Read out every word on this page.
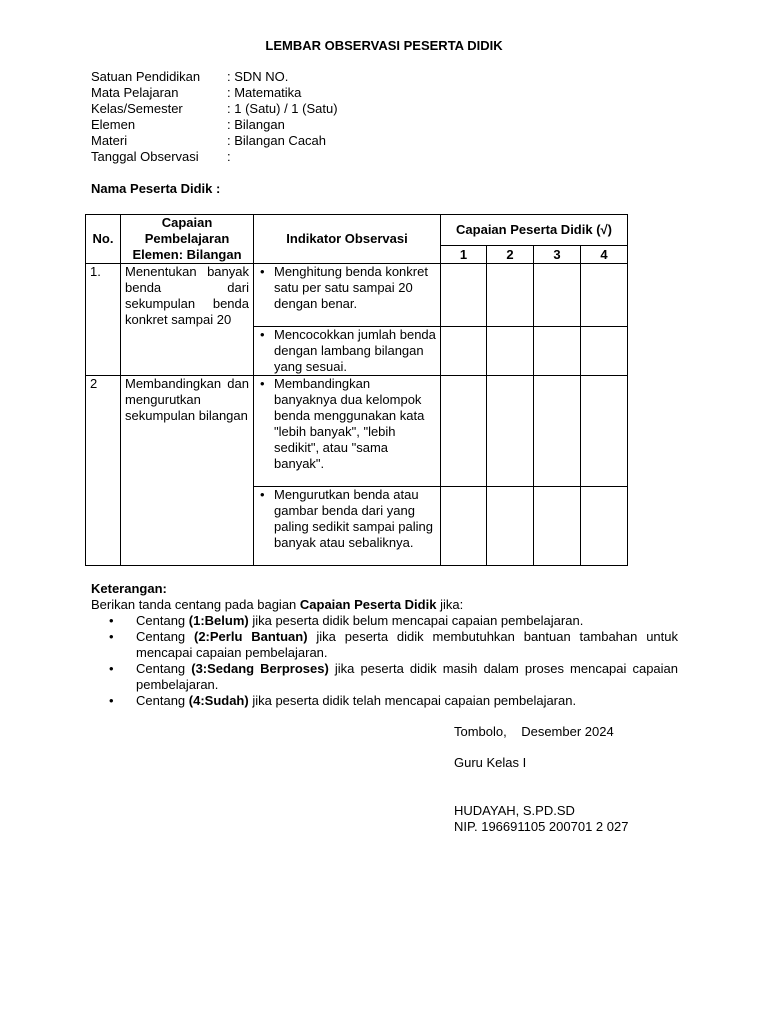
LEMBAR OBSERVASI PESERTA DIDIK
Satuan Pendidikan	: SDN NO.
Mata Pelajaran	: Matematika
Kelas/Semester	: 1 (Satu) / 1 (Satu)
Elemen	: Bilangan
Materi	: Bilangan Cacah
Tanggal Observasi	:
Nama Peserta Didik :
No.	Capaian Pembelajaran Elemen: Bilangan	Indikator Observasi	Capaian Peserta Didik (√)			
			1	2	3	4
1.	Menentukan banyak benda dari sekumpulan benda konkret sampai 20	• Menghitung benda konkret satu per satu sampai 20 dengan benar.				

		• Mencocokkan jumlah benda dengan lambang bilangan yang sesuai.				

2	Membandingkan dan mengurutkan sekumpulan bilangan	• Membandingkan banyaknya dua kelompok benda menggunakan kata "lebih banyak", "lebih sedikit", atau "sama banyak".				

		• Mengurutkan benda atau gambar benda dari yang paling sedikit sampai paling banyak atau sebaliknya.				

Keterangan:
Berikan tanda centang pada bagian Capaian Peserta Didik jika:
•	Centang (1:Belum) jika peserta didik belum mencapai capaian pembelajaran.
•	Centang (2:Perlu Bantuan) jika peserta didik membutuhkan bantuan tambahan untuk mencapai capaian pembelajaran.
•	Centang (3:Sedang Berproses) jika peserta didik masih dalam proses mencapai capaian pembelajaran.
•	Centang (4:Sudah) jika peserta didik telah mencapai capaian pembelajaran.
Tombolo,    Desember 2024
Guru Kelas I
HUDAYAH, S.PD.SD
NIP. 196691105 200701 2 027
